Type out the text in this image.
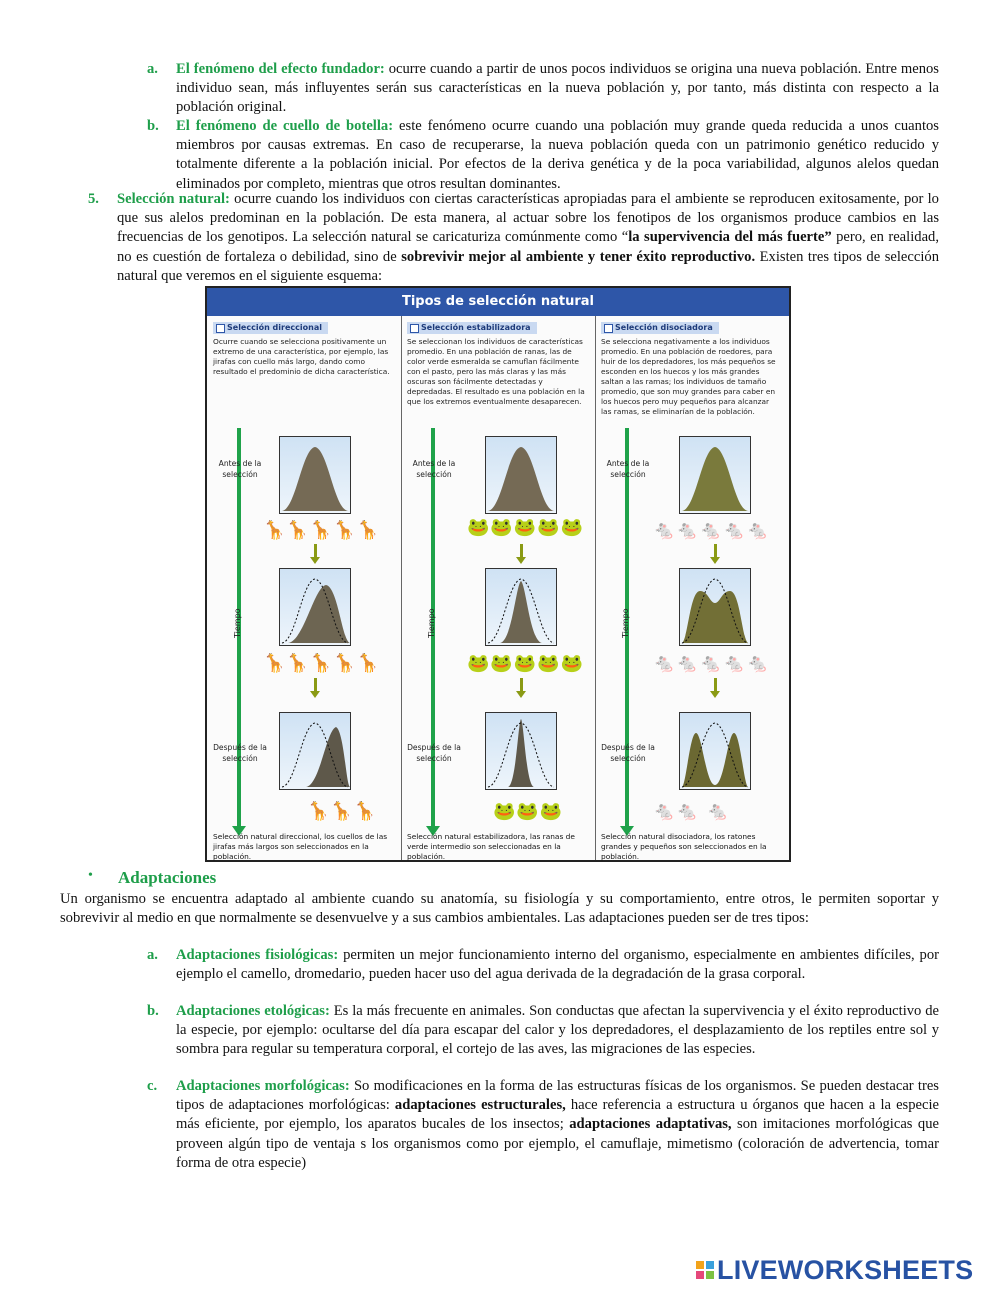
a. El fenómeno del efecto fundador: ocurre cuando a partir de unos pocos individuos se origina una nueva población. Entre menos individuo sean, más influyentes serán sus características en la nueva población y, por tanto, más distinta con respecto a la población original.
b. El fenómeno de cuello de botella: este fenómeno ocurre cuando una población muy grande queda reducida a unos cuantos miembros por causas extremas. En caso de recuperarse, la nueva población queda con un patrimonio genético reducido y totalmente diferente a la población inicial. Por efectos de la deriva genética y de la poca variabilidad, algunos alelos quedan eliminados por completo, mientras que otros resultan dominantes.
5. Selección natural: ocurre cuando los individuos con ciertas características apropiadas para el ambiente se reproducen exitosamente, por lo que sus alelos predominan en la población. De esta manera, al actuar sobre los fenotipos de los organismos produce cambios en las frecuencias de los genotipos. La selección natural se caricaturiza comúnmente como “la supervivencia del más fuerte” pero, en realidad, no es cuestión de fortaleza o debilidad, sino de sobrevivir mejor al ambiente y tener éxito reproductivo. Existen tres tipos de selección natural que veremos en el siguiente esquema:
Tipos de selección natural
Selección direccional
Ocurre cuando se selecciona positivamente un extremo de una característica, por ejemplo, las jirafas con cuello más largo, dando como resultado el predominio de dicha característica.
Tiempo
Antes de la selección
Después de la selección
🦒🦒🦒🦒🦒
🦒🦒🦒🦒🦒
🦒🦒🦒
Selección natural direccional, los cuellos de las jirafas más largos son seleccionados en la población.
Selección estabilizadora
Se seleccionan los individuos de características promedio. En una población de ranas, las de color verde esmeralda se camuflan fácilmente con el pasto, pero las más claras y las más oscuras son fácilmente detectadas y depredadas. El resultado es una población en la que los extremos eventualmente desaparecen.
Tiempo
Antes de la selección
Después de la selección
🐸🐸🐸🐸🐸
🐸🐸🐸🐸🐸
🐸🐸🐸
Selección natural estabilizadora, las ranas de verde intermedio son seleccionadas en la población.
Selección disociadora
Se selecciona negativamente a los individuos promedio. En una población de roedores, para huir de los depredadores, los más pequeños se esconden en los huecos y los más grandes saltan a las ramas; los individuos de tamaño promedio, que son muy grandes para caber en los huecos pero muy pequeños para alcanzar las ramas, se eliminarían de la población.
Tiempo
Antes de la selección
Después de la selección
🐁🐁🐁🐁🐁
🐁🐁🐁🐁🐁
🐁🐁 🐁
Selección natural disociadora, los ratones grandes y pequeños son seleccionados en la población.
• Adaptaciones
Un organismo se encuentra adaptado al ambiente cuando su anatomía, su fisiología y su comportamiento, entre otros, le permiten soportar y sobrevivir al medio en que normalmente se desenvuelve y a sus cambios ambientales. Las adaptaciones pueden ser de tres tipos:
a. Adaptaciones fisiológicas: permiten un mejor funcionamiento interno del organismo, especialmente en ambientes difíciles, por ejemplo el camello, dromedario, pueden hacer uso del agua derivada de la degradación de la grasa corporal.
b. Adaptaciones etológicas: Es la más frecuente en animales. Son conductas que afectan la supervivencia y el éxito reproductivo de la especie, por ejemplo: ocultarse del día para escapar del calor y los depredadores, el desplazamiento de los reptiles entre sol y sombra para regular su temperatura corporal, el cortejo de las aves, las migraciones de las especies.
c. Adaptaciones morfológicas: So modificaciones en la forma de las estructuras físicas de los organismos. Se pueden destacar tres tipos de adaptaciones morfológicas: adaptaciones estructurales, hace referencia a estructura u órganos que hacen a la especie más eficiente, por ejemplo, los aparatos bucales de los insectos; adaptaciones adaptativas, son imitaciones morfológicas que proveen algún tipo de ventaja s los organismos como por ejemplo, el camuflaje, mimetismo (coloración de advertencia, tomar forma de otra especie)
LIVEWORKSHEETS
